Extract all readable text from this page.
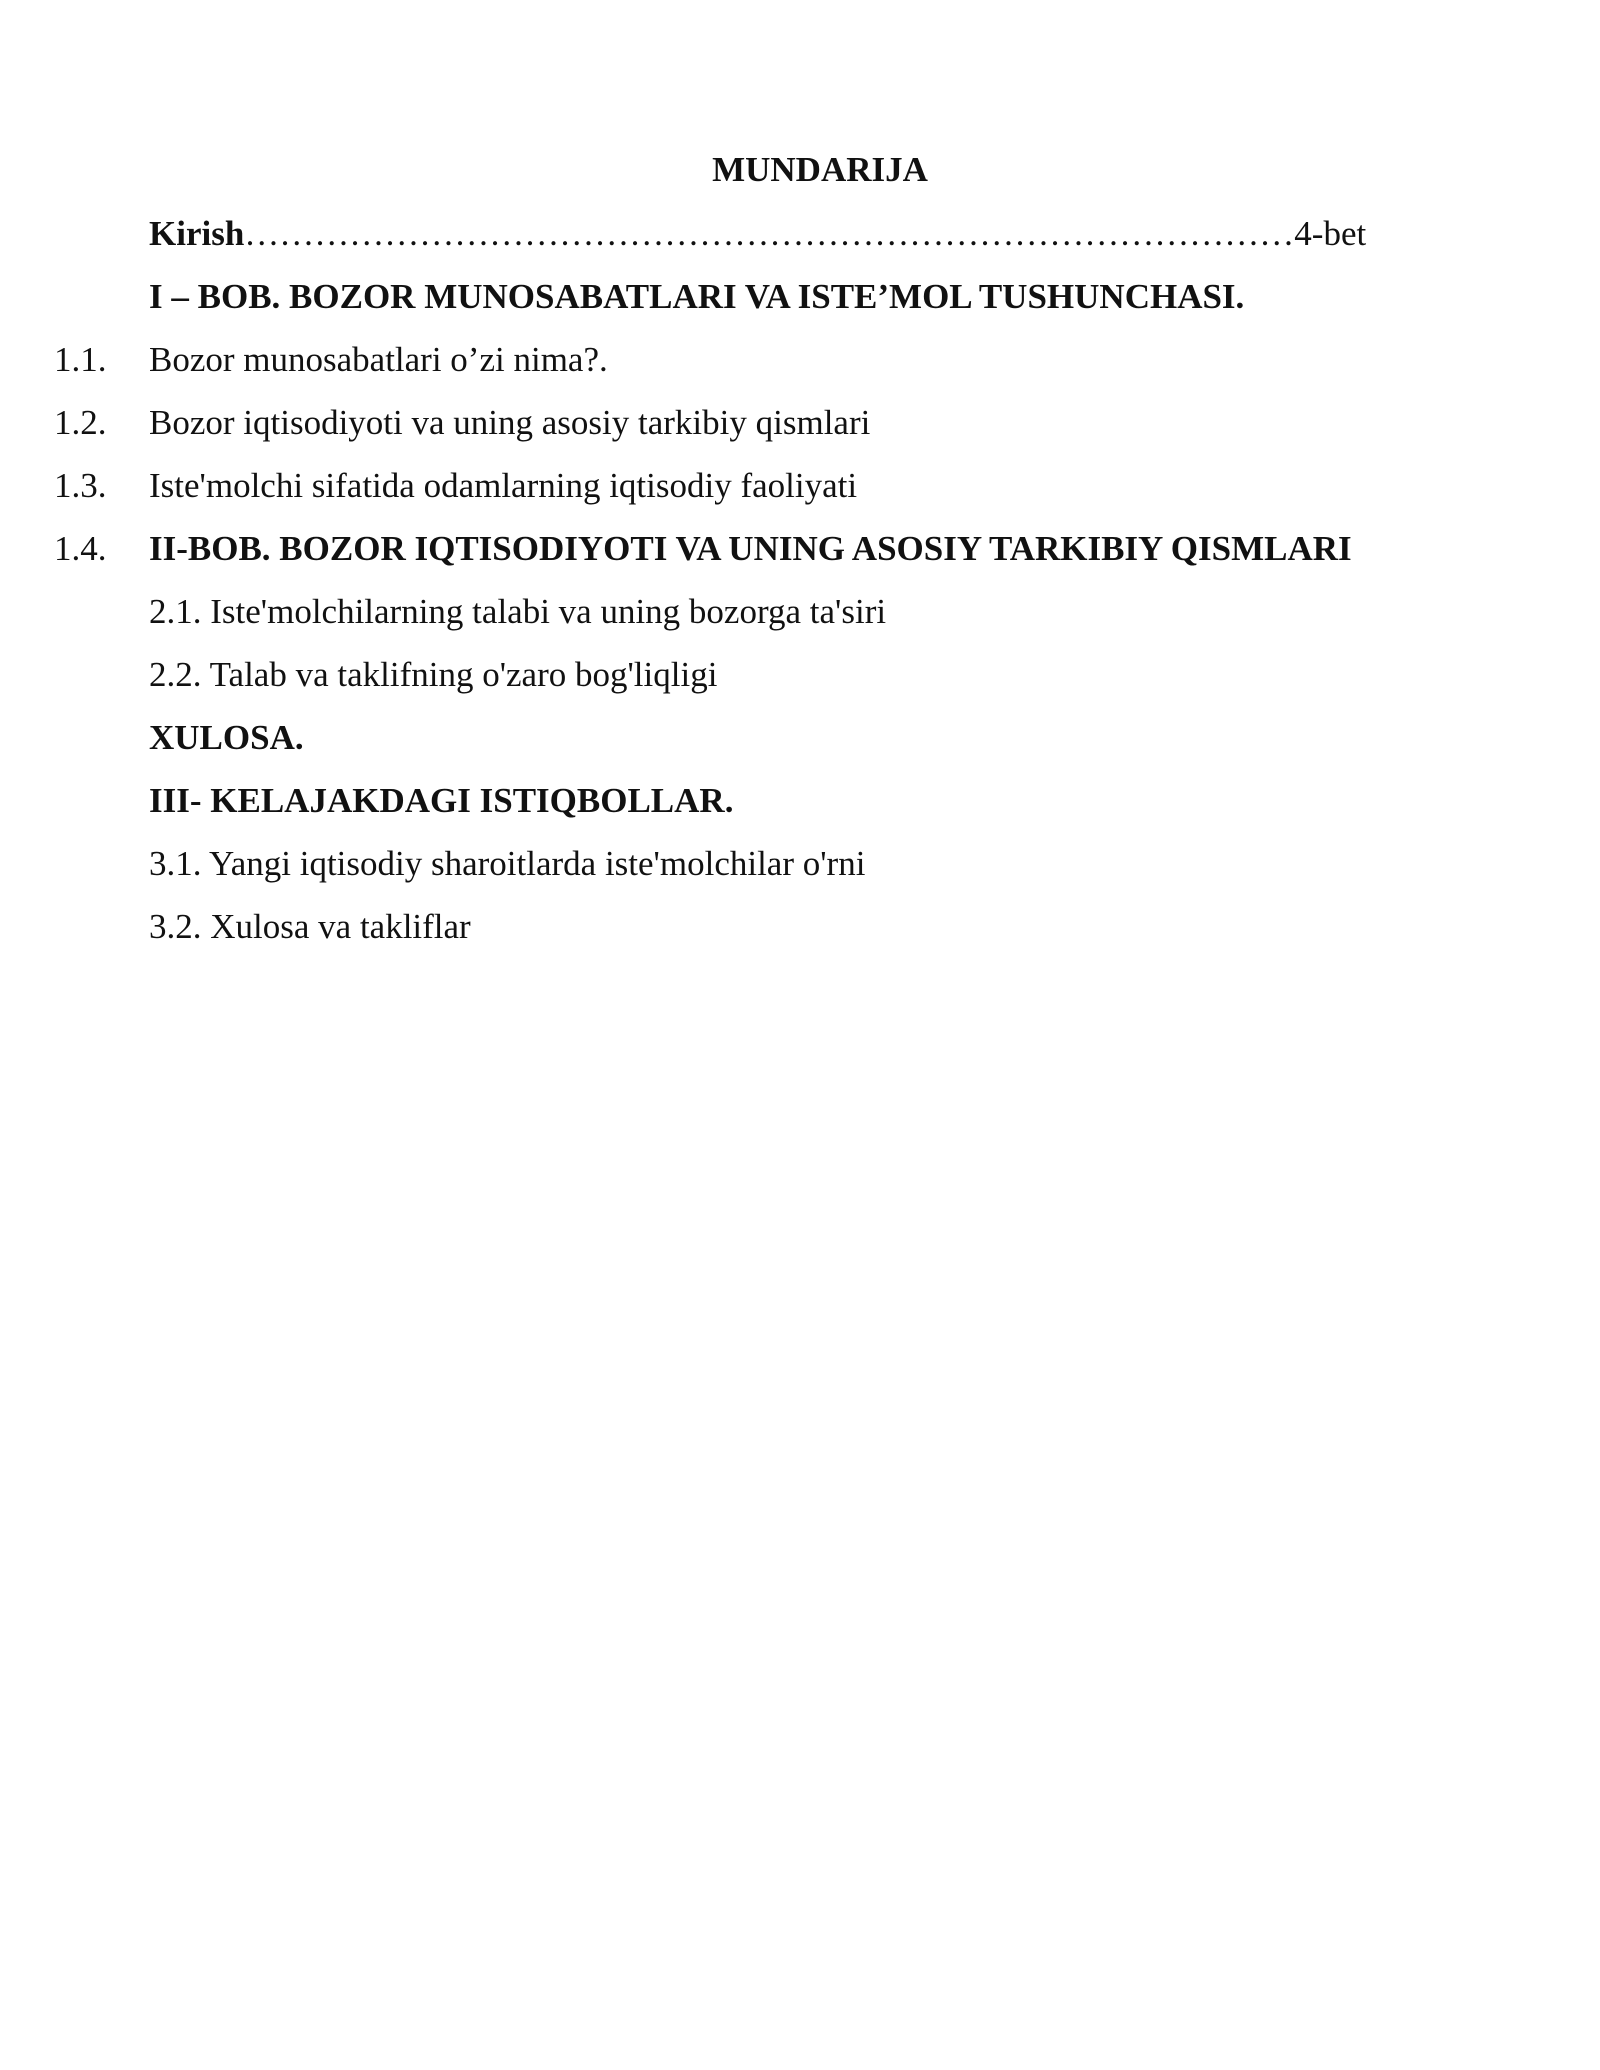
MUNDARIJA
Kirish………………………………………………………………………………4-bet
I – BOB. BOZOR MUNOSABATLARI VA ISTE’MOL TUSHUNCHASI.
1.1. Bozor munosabatlari o’zi nima?.
1.2. Bozor iqtisodiyoti va uning asosiy tarkibiy qismlari
1.3. Iste'molchi sifatida odamlarning iqtisodiy faoliyati
1.4. II-BOB. BOZOR IQTISODIYOTI VA UNING ASOSIY TARKIBIY QISMLARI
2.1. Iste'molchilarning talabi va uning bozorga ta'siri
2.2. Talab va taklifning o'zaro bog'liqligi
XULOSA.
III- KELAJAKDAGI ISTIQBOLLAR.
3.1. Yangi iqtisodiy sharoitlarda iste'molchilar o'rni
3.2. Xulosa va takliflar
